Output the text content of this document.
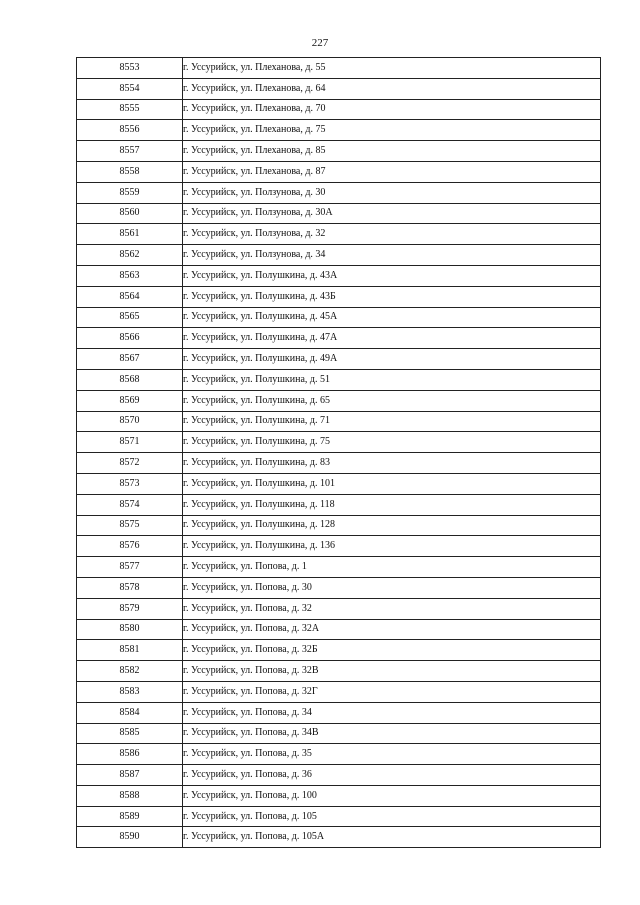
227
8553	г. Уссурийск, ул. Плеханова, д. 55
8554	г. Уссурийск, ул. Плеханова, д. 64
8555	г. Уссурийск, ул. Плеханова, д. 70
8556	г. Уссурийск, ул. Плеханова, д. 75
8557	г. Уссурийск, ул. Плеханова, д. 85
8558	г. Уссурийск, ул. Плеханова, д. 87
8559	г. Уссурийск, ул. Ползунова, д. 30
8560	г. Уссурийск, ул. Ползунова, д. 30А
8561	г. Уссурийск, ул. Ползунова, д. 32
8562	г. Уссурийск, ул. Ползунова, д. 34
8563	г. Уссурийск, ул. Полушкина, д. 43А
8564	г. Уссурийск, ул. Полушкина, д. 43Б
8565	г. Уссурийск, ул. Полушкина, д. 45А
8566	г. Уссурийск, ул. Полушкина, д. 47А
8567	г. Уссурийск, ул. Полушкина, д. 49А
8568	г. Уссурийск, ул. Полушкина, д. 51
8569	г. Уссурийск, ул. Полушкина, д. 65
8570	г. Уссурийск, ул. Полушкина, д. 71
8571	г. Уссурийск, ул. Полушкина, д. 75
8572	г. Уссурийск, ул. Полушкина, д. 83
8573	г. Уссурийск, ул. Полушкина, д. 101
8574	г. Уссурийск, ул. Полушкина, д. 118
8575	г. Уссурийск, ул. Полушкина, д. 128
8576	г. Уссурийск, ул. Полушкина, д. 136
8577	г. Уссурийск, ул. Попова, д. 1
8578	г. Уссурийск, ул. Попова, д. 30
8579	г. Уссурийск, ул. Попова, д. 32
8580	г. Уссурийск, ул. Попова, д. 32А
8581	г. Уссурийск, ул. Попова, д. 32Б
8582	г. Уссурийск, ул. Попова, д. 32В
8583	г. Уссурийск, ул. Попова, д. 32Г
8584	г. Уссурийск, ул. Попова, д. 34
8585	г. Уссурийск, ул. Попова, д. 34В
8586	г. Уссурийск, ул. Попова, д. 35
8587	г. Уссурийск, ул. Попова, д. 36
8588	г. Уссурийск, ул. Попова, д. 100
8589	г. Уссурийск, ул. Попова, д. 105
8590	г. Уссурийск, ул. Попова, д. 105А
